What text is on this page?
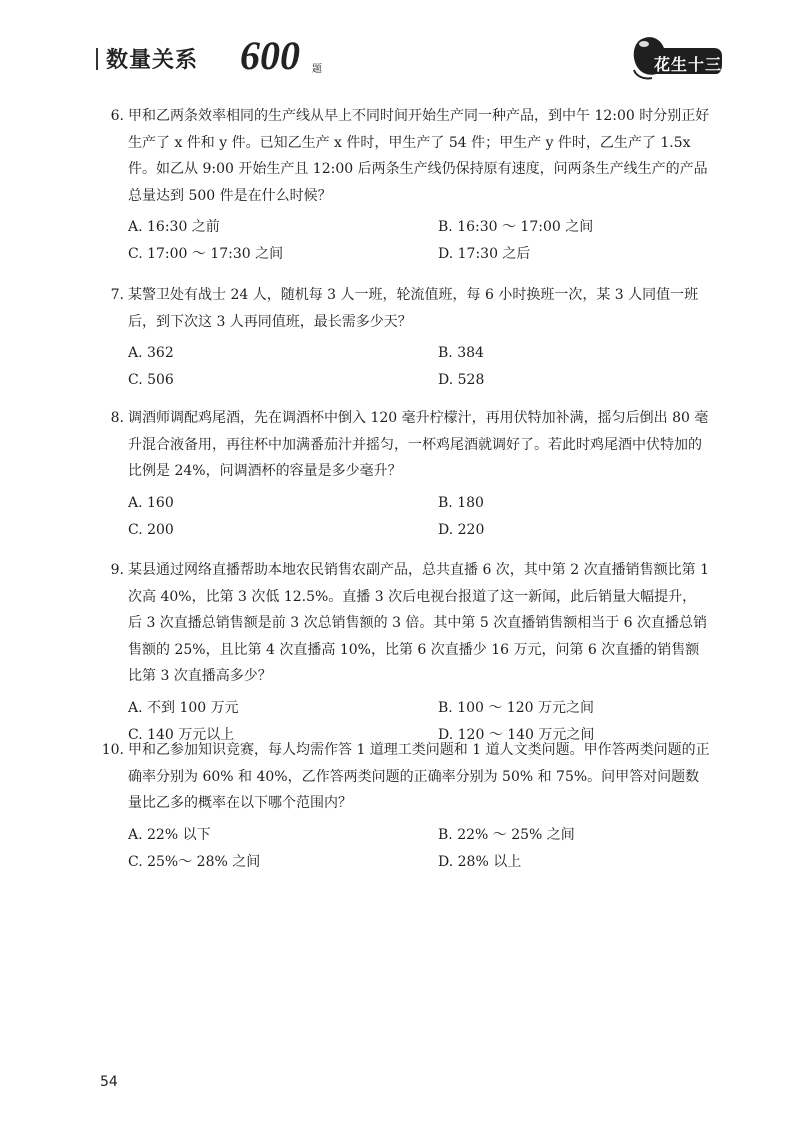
数量关系 600 题	花生十三
6. 甲和乙两条效率相同的生产线从早上不同时间开始生产同一种产品，到中午 12:00 时分别正好生产了 x 件和 y 件。已知乙生产 x 件时，甲生产了 54 件；甲生产 y 件时，乙生产了 1.5x 件。如乙从 9:00 开始生产且 12:00 后两条生产线仍保持原有速度，问两条生产线生产的产品总量达到 500 件是在什么时候？
A. 16:30 之前	B. 16:30 ～ 17:00 之间
C. 17:00 ～ 17:30 之间	D. 17:30 之后
7. 某警卫处有战士 24 人，随机每 3 人一班，轮流值班，每 6 小时换班一次，某 3 人同值一班后，到下次这 3 人再同值班，最长需多少天？
A. 362	B. 384
C. 506	D. 528
8. 调酒师调配鸡尾酒，先在调酒杯中倒入 120 毫升柠檬汁，再用伏特加补满，摇匀后倒出 80 毫升混合液备用，再往杯中加满番茄汁并摇匀，一杯鸡尾酒就调好了。若此时鸡尾酒中伏特加的比例是 24%，问调酒杯的容量是多少毫升？
A. 160	B. 180
C. 200	D. 220
9. 某县通过网络直播帮助本地农民销售农副产品，总共直播 6 次，其中第 2 次直播销售额比第 1 次高 40%，比第 3 次低 12.5%。直播 3 次后电视台报道了这一新闻，此后销量大幅提升，后 3 次直播总销售额是前 3 次总销售额的 3 倍。其中第 5 次直播销售额相当于 6 次直播总销售额的 25%，且比第 4 次直播高 10%，比第 6 次直播少 16 万元，问第 6 次直播的销售额比第 3 次直播高多少？
A. 不到 100 万元	B. 100 ～ 120 万元之间
C. 140 万元以上	D. 120 ～ 140 万元之间
10. 甲和乙参加知识竞赛，每人均需作答 1 道理工类问题和 1 道人文类问题。甲作答两类问题的正确率分别为 60% 和 40%，乙作答两类问题的正确率分别为 50% 和 75%。问甲答对问题数量比乙多的概率在以下哪个范围内？
A. 22% 以下	B. 22% ～ 25% 之间
C. 25%～ 28% 之间	D. 28% 以上
54
